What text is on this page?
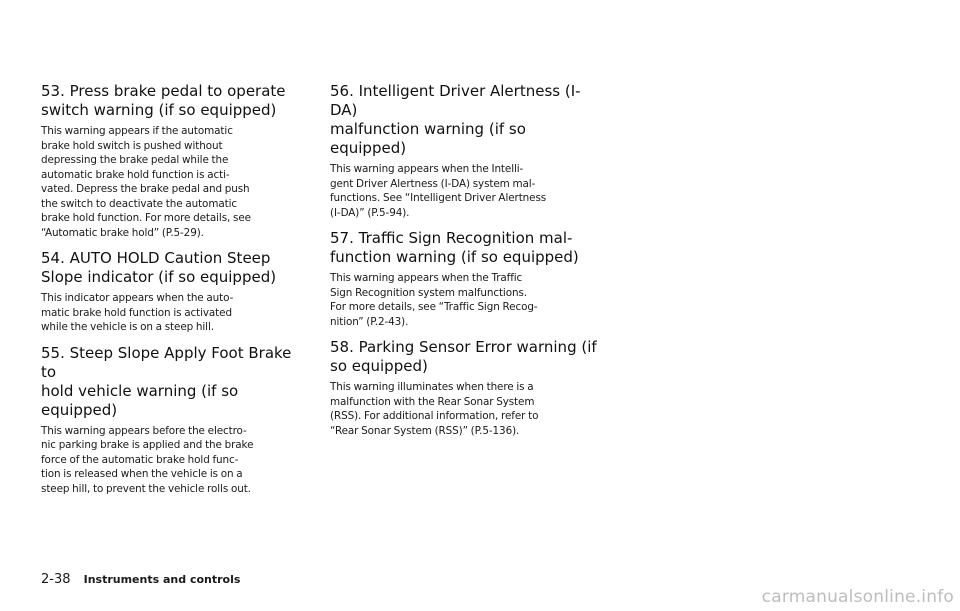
53. Press brake pedal to operate
switch warning (if so equipped)

This warning appears if the automatic
brake hold switch is pushed without
depressing the brake pedal while the
automatic brake hold function is acti-
vated. Depress the brake pedal and push
the switch to deactivate the automatic
brake hold function. For more details, see
“Automatic brake hold” (P.5-29).

54. AUTO HOLD Caution Steep
Slope indicator (if so equipped)

This indicator appears when the auto-
matic brake hold function is activated
while the vehicle is on a steep hill.

55. Steep Slope Apply Foot Brake to
hold vehicle warning (if so
equipped)

This warning appears before the electro-
nic parking brake is applied and the brake
force of the automatic brake hold func-
tion is released when the vehicle is on a
steep hill, to prevent the vehicle rolls out.

56. Intelligent Driver Alertness (I-DA)
malfunction warning (if so
equipped)

This warning appears when the Intelli-
gent Driver Alertness (I-DA) system mal-
functions. See “Intelligent Driver Alertness
(I-DA)” (P.5-94).

57. Traffic Sign Recognition mal-
function warning (if so equipped)

This warning appears when the Traffic
Sign Recognition system malfunctions.
For more details, see “Traffic Sign Recog-
nition” (P.2-43).

58. Parking Sensor Error warning (if
so equipped)

This warning illuminates when there is a
malfunction with the Rear Sonar System
(RSS). For additional information, refer to
“Rear Sonar System (RSS)” (P.5-136).

2-38 Instruments and controls
carmanualsonline.info
